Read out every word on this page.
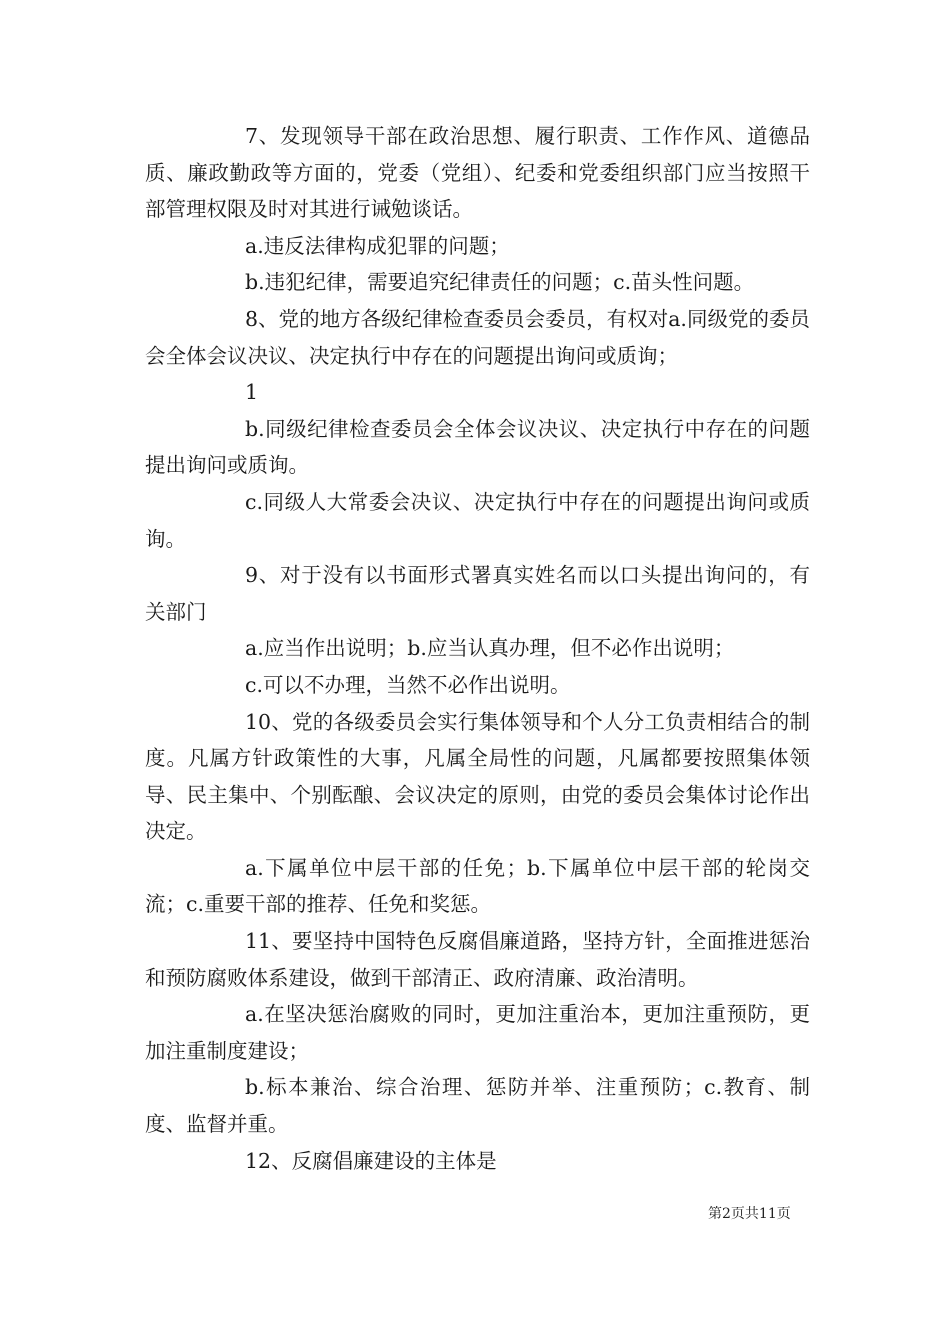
7、发现领导干部在政治思想、履行职责、工作作风、道德品质、廉政勤政等方面的，党委（党组）、纪委和党委组织部门应当按照干部管理权限及时对其进行诫勉谈话。

a.违反法律构成犯罪的问题；

b.违犯纪律，需要追究纪律责任的问题；c.苗头性问题。

8、党的地方各级纪律检查委员会委员，有权对a.同级党的委员会全体会议决议、决定执行中存在的问题提出询问或质询；

1

b.同级纪律检查委员会全体会议决议、决定执行中存在的问题提出询问或质询。

c.同级人大常委会决议、决定执行中存在的问题提出询问或质询。

9、对于没有以书面形式署真实姓名而以口头提出询问的，有关部门

a.应当作出说明；b.应当认真办理，但不必作出说明；

c.可以不办理，当然不必作出说明。

10、党的各级委员会实行集体领导和个人分工负责相结合的制度。凡属方针政策性的大事，凡属全局性的问题，凡属都要按照集体领导、民主集中、个别酝酿、会议决定的原则，由党的委员会集体讨论作出决定。

a.下属单位中层干部的任免；b.下属单位中层干部的轮岗交流；c.重要干部的推荐、任免和奖惩。

11、要坚持中国特色反腐倡廉道路，坚持方针，全面推进惩治和预防腐败体系建设，做到干部清正、政府清廉、政治清明。

a.在坚决惩治腐败的同时，更加注重治本，更加注重预防，更加注重制度建设；

b.标本兼治、综合治理、惩防并举、注重预防；c.教育、制度、监督并重。

12、反腐倡廉建设的主体是

第2页共11页
